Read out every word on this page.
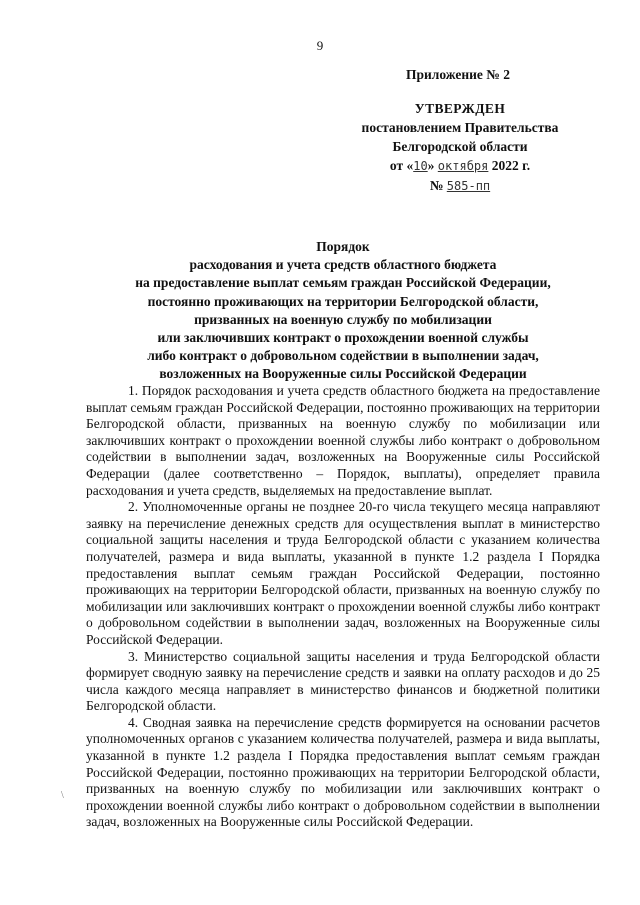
9
Приложение № 2
УТВЕРЖДЕН
постановлением Правительства
Белгородской области
от «10» октября 2022 г.
№ 585-пп
Порядок
расходования и учета средств областного бюджета
на предоставление выплат семьям граждан Российской Федерации,
постоянно проживающих на территории Белгородской области,
призванных на военную службу по мобилизации
или заключивших контракт о прохождении военной службы
либо контракт о добровольном содействии в выполнении задач,
возложенных на Вооруженные силы Российской Федерации

1. Порядок расходования и учета средств областного бюджета на предоставление выплат семьям граждан Российской Федерации, постоянно проживающих на территории Белгородской области, призванных на военную службу по мобилизации или заключивших контракт о прохождении военной службы либо контракт о добровольном содействии в выполнении задач, возложенных на Вооруженные силы Российской Федерации (далее соответственно – Порядок, выплаты), определяет правила расходования и учета средств, выделяемых на предоставление выплат.

2. Уполномоченные органы не позднее 20-го числа текущего месяца направляют заявку на перечисление денежных средств для осуществления выплат в министерство социальной защиты населения и труда Белгородской области с указанием количества получателей, размера и вида выплаты, указанной в пункте 1.2 раздела I Порядка предоставления выплат семьям граждан Российской Федерации, постоянно проживающих на территории Белгородской области, призванных на военную службу по мобилизации или заключивших контракт о прохождении военной службы либо контракт о добровольном содействии в выполнении задач, возложенных на Вооруженные силы Российской Федерации.

3. Министерство социальной защиты населения и труда Белгородской области формирует сводную заявку на перечисление средств и заявки на оплату расходов и до 25 числа каждого месяца направляет в министерство финансов и бюджетной политики Белгородской области.

4. Сводная заявка на перечисление средств формируется на основании расчетов уполномоченных органов с указанием количества получателей, размера и вида выплаты, указанной в пункте 1.2 раздела I Порядка предоставления выплат семьям граждан Российской Федерации, постоянно проживающих на территории Белгородской области, призванных на военную службу по мобилизации или заключивших контракт о прохождении военной службы либо контракт о добровольном содействии в выполнении задач, возложенных на Вооруженные силы Российской Федерации.

\
